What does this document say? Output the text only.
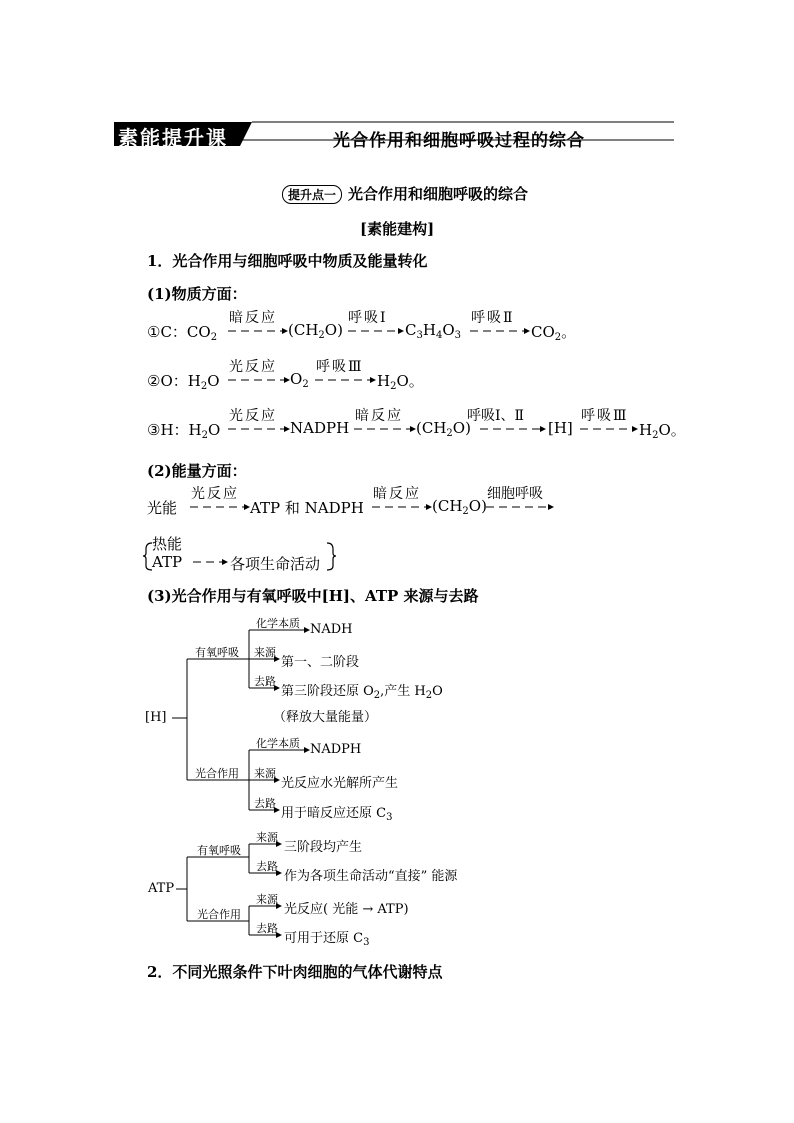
素能提升课	光合作用和细胞呼吸过程的综合
提升点一 光合作用和细胞呼吸的综合
[素能建构]
1．光合作用与细胞呼吸中物质及能量转化
(1)物质方面：
①C：$CO_2$
暗反应
$(CH_2O)$
呼吸Ⅰ
$C_3H_4O_3$
呼吸Ⅱ
$CO_2$。
②O：$H_2O$
光反应
$O_2$
呼吸Ⅲ
$H_2O$。
③H：$H_2O$
光反应
NADPH
暗反应
$(CH_2O)$
呼吸Ⅰ、Ⅱ
[H]
呼吸Ⅲ
$H_2O$。
(2)能量方面：
光能
光反应
ATP 和 NADPH
暗反应
$(CH_2O)$
细胞呼吸
热能
ATP	各项生命活动
(3)光合作用与有氧呼吸中[H]、ATP 来源与去路
[H]
有氧呼吸
光合作用
化学本质 NADH
来源
第一、二阶段
去路
第三阶段还原 $O_2$,产生 $H_2O$
（释放大量能量）
化学本质 NADPH
来源
光反应水光解所产生
去路
用于暗反应还原 $C_3$
ATP
有氧呼吸
光合作用
来源
三阶段均产生
去路
作为各项生命活动“直接” 能源
来源
光反应( 光能 → ATP)
去路
可用于还原 $C_3$
2．不同光照条件下叶肉细胞的气体代谢特点
